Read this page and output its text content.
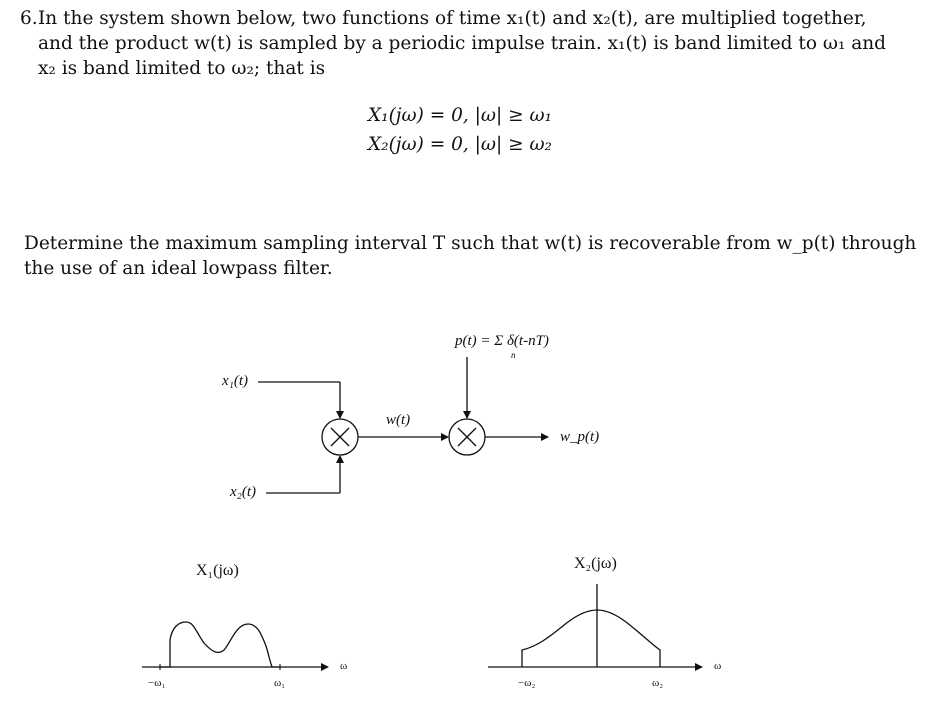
6. In the system shown below, two functions of time x₁(t) and x₂(t), are multiplied together,
and the product w(t) is sampled by a periodic impulse train. x₁(t) is band limited to ω₁ and
x₂ is band limited to ω₂; that is
X₁(jω) = 0, |ω| ≥ ω₁
X₂(jω) = 0, |ω| ≥ ω₂
Determine the maximum sampling interval T such that w(t) is recoverable from w_p(t) through
the use of an ideal lowpass filter.
x₁(t)
x₂(t)
w(t)
p(t) = Σ δ(t-nT)
n
w_p(t)
X₁(jω)
−ω₁	ω₁
ω
X₂(jω)
−ω₂	ω₂
ω
